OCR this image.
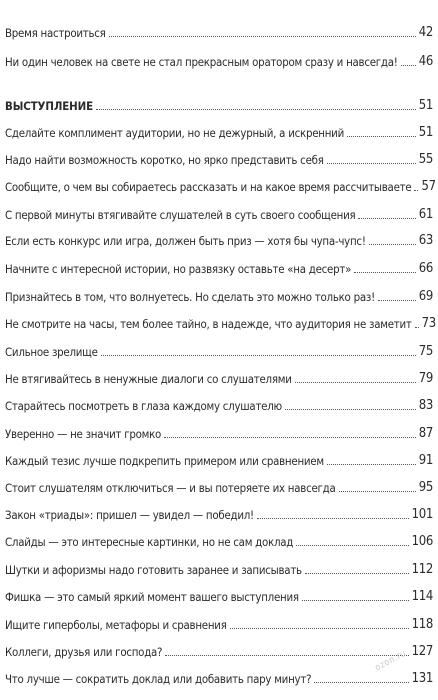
Время настроиться	42
Ни один человек на свете не стал прекрасным оратором сразу и навсегда! 46
ВЫСТУПЛЕНИЕ	51
Сделайте комплимент аудитории, но не дежурный, а искренний	51
Надо найти возможность коротко, но ярко представить себя	55
Сообщите, о чем вы собираетесь рассказать и на какое время рассчитываете 57
С первой минуты втягивайте слушателей в суть своего сообщения	61
Если есть конкурс или игра, должен быть приз — хотя бы чупа-чупс!	63
Начните с интересной истории, но развязку оставьте «на десерт»	66
Признайтесь в том, что волнуетесь. Но сделать это можно только раз!	69
Не смотрите на часы, тем более тайно, в надежде, что аудитория не заметит 73
Сильное зрелище	75
Не втягивайтесь в ненужные диалоги со слушателями	79
Старайтесь посмотреть в глаза каждому слушателю	83
Уверенно — не значит громко	87
Каждый тезис лучше подкрепить примером или сравнением	91
Стоит слушателям отключиться — и вы потеряете их навсегда	95
Закон «триады»: пришел — увидел — победил!	101
Слайды — это интересные картинки, но не сам доклад	106
Шутки и афоризмы надо готовить заранее и записывать	112
Фишка — это самый яркий момент вашего выступления	114
Ищите гиперболы, метафоры и сравнения	118
Коллеги, друзья или господа?	127
Что лучше — сократить доклад или добавить пару минут?	131
ozon.ru
